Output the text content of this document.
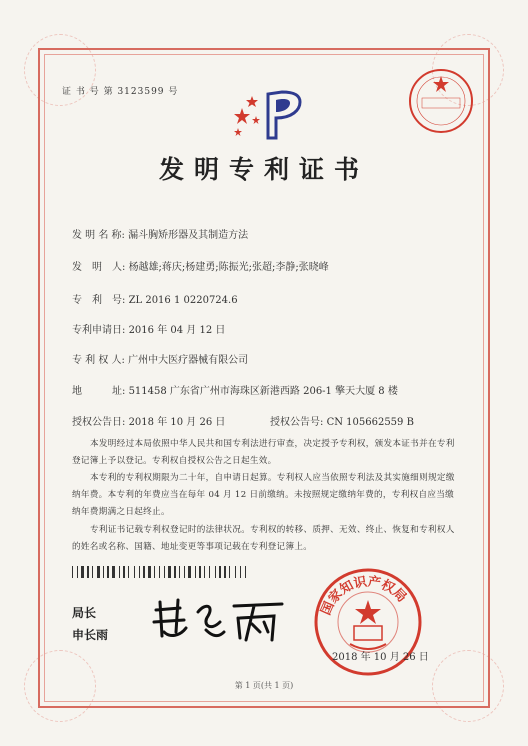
证 书 号 第 3123599 号
发明专利证书
发 明 名 称: 漏斗胸矫形器及其制造方法
发　明　人: 杨越雄;蒋庆;杨建勇;陈振光;张超;李静;张晓峰
专　利　号: ZL 2016 1 0220724.6
专利申请日: 2016 年 04 月 12 日
专 利 权 人: 广州中大医疗器械有限公司
地　　　址: 511458 广东省广州市海珠区新港西路 206-1 擎天大厦 8 楼
授权公告日: 2018 年 10 月 26 日	授权公告号: CN 105662559 B
本发明经过本局依照中华人民共和国专利法进行审查，决定授予专利权，颁发本证书并在专利登记簿上予以登记。专利权自授权公告之日起生效。
本专利的专利权期限为二十年，自申请日起算。专利权人应当依照专利法及其实施细则规定缴纳年费。本专利的年费应当在每年 04 月 12 日前缴纳。未按照规定缴纳年费的，专利权自应当缴纳年费期满之日起终止。
专利证书记载专利权登记时的法律状况。专利权的转移、质押、无效、终止、恢复和专利权人的姓名或名称、国籍、地址变更等事项记载在专利登记簿上。
局长
申长雨
国家知识产权局
2018 年 10 月 26 日
第 1 页(共 1 页)
